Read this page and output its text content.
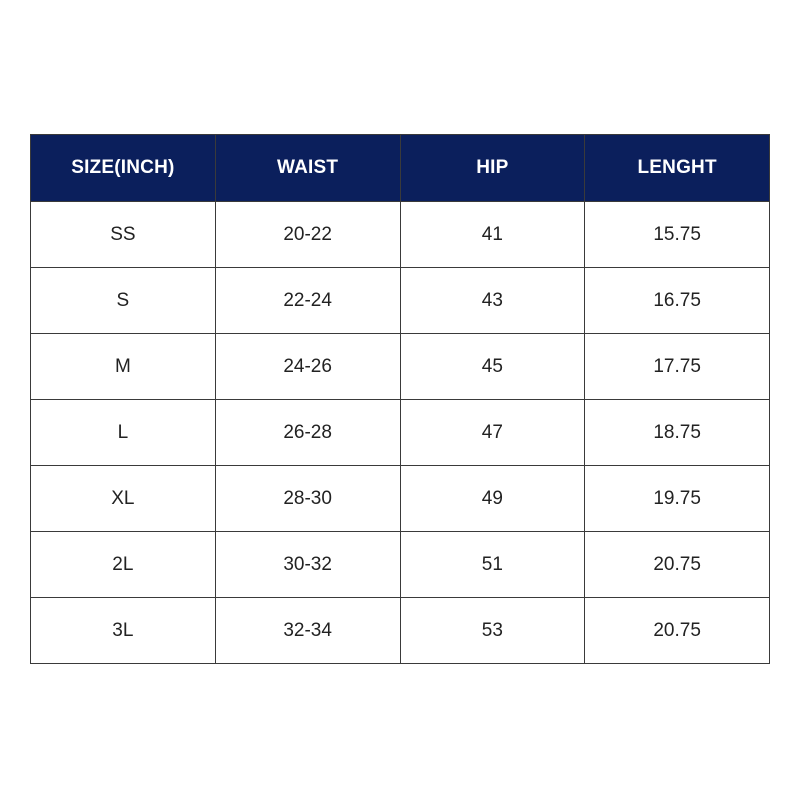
SIZE(INCH)	WAIST	HIP	LENGHT
SS	20-22	41	15.75
S	22-24	43	16.75
M	24-26	45	17.75
L	26-28	47	18.75
XL	28-30	49	19.75
2L	30-32	51	20.75
3L	32-34	53	20.75
